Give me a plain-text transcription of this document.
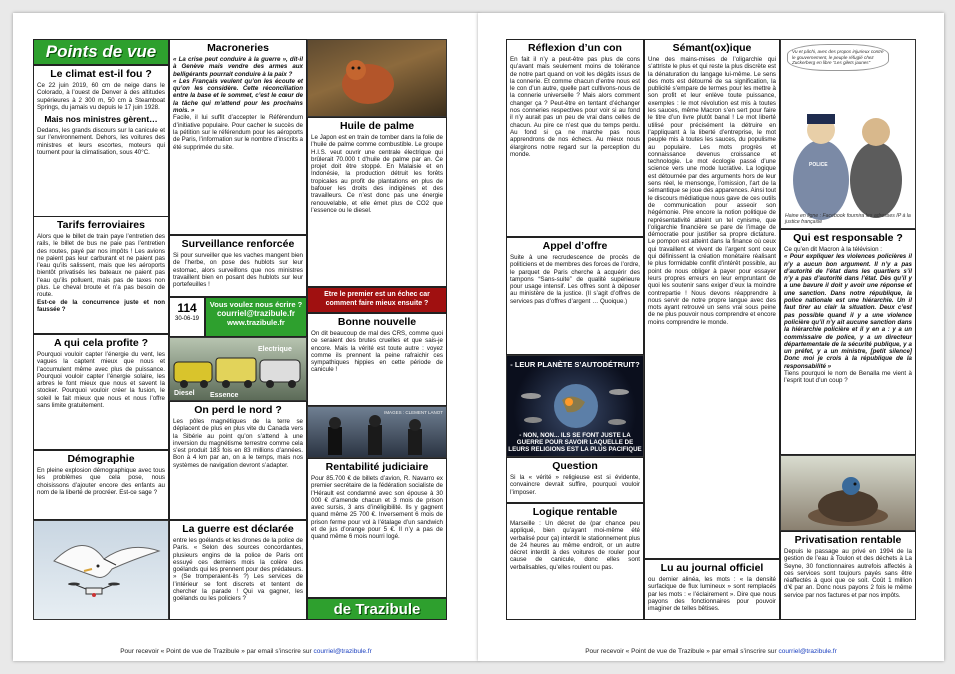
Points de vue
Le climat est-il fou ?

Ce 22 juin 2019, 60 cm de neige dans le Colorado, à l’ouest de Denver à des altitudes supérieures à 2 300 m, 50 cm à Steamboat Springs, du jamais vu depuis le 17 juin 1928.

Mais nos ministres gèrent…

Dedans, les grands discours sur la canicule et sur l’environnement. Dehors, les voitures des ministres et leurs escortes, moteurs qui tournent pour la climatisation, sous 40°C.

Tarifs ferroviaires

Alors que le billet de train paye l’entretien des rails, le billet de bus ne paie pas l’entretien des routes, payé par nos impôts ! Les avions ne paient pas leur carburant et ne paient pas l’eau qu’ils salissent, mais que les aéroports bientôt privatisés les bateaux ne paient pas l’eau qu’ils polluent, mais pas de taxes non plus. Le cheval broute et n’a pas besoin de route.

Est-ce de la concurrence juste et non faussée ?

A qui cela profite ?

Pourquoi vouloir capter l’énergie du vent, les vagues la captent mieux que nous et l’accumulent même avec plus de puissance. Pourquoi vouloir capter l’énergie solaire, les arbres le font mieux que nous et savent la stocker. Pourquoi vouloir créer la fusion, le soleil le fait mieux que nous et nous l’offre sans limite gratuitement.

Démographie

En pleine explosion démographique avec tous les problèmes que cela pose, nous choisissons d’ajouter encore des enfants au nom de la liberté de procréer. Est-ce sage ?

Macroneries

« La crise peut conduire à la guerre », dit-il à Genève mais vendre des armes aux belligérants pourrait conduire à la paix ?

« Les Français veulent qu’on les écoute et qu’on les considère. Cette réconciliation entre la base et le sommet, c’est le cœur de la tâche qui m’attend pour les prochains mois. »

Facile, il lui suffit d’accepter le Référendum d’initiative populaire. Pour cacher le succès de la pétition sur le référendum pour les aéroports de Paris, l’information sur le nombre d’inscrits a été supprimée du site.

Surveillance renforcée

Si pour surveiller que les vaches mangent bien de l’herbe, on pose des hublots sur leur estomac, alors surveillons que nos ministres travaillent bien en posant des hublots sur leur portefeuilles !

114
30-06-19
Vous voulez nous écrire ?
courriel@trazibule.fr
www.trazibule.fr
Electrique
Diesel Essence
On perd le nord ?

Les pôles magnétiques de la terre se déplacent de plus en plus vite du Canada vers la Sibérie au point qu’on s’attend à une inversion du magnétisme terrestre comme cela s’est produit 183 fois en 83 millions d’années. Bon à 4 km par an, on a le temps, mais nos systèmes de navigation devront s’adapter.

La guerre est déclarée

entre les goélands et les drones de la police de Paris. « Selon des sources concordantes, plusieurs engins de la police de Paris ont essuyé ces derniers mois la colère des goélands qui les prennent pour des prédateurs. » (Se tromperaient-ils ?) Les services de l’intérieur se font discrets et tentent de chercher la parade ! Qui va gagner, les goélands ou les policiers ?

Huile de palme

Le Japon est en train de tomber dans la folie de l’huile de palme comme combustible. Le groupe H.I.S. veut ouvrir une centrale électrique qui brûlerait 70.000 t d’huile de palme par an. Ce projet doit être stoppé. En Malaisie et en Indonésie, la production détruit les forêts tropicales au profit de plantations en plus de bafouer les droits des indigènes et des travailleurs. Ce n’est donc pas une énergie renouvelable, et elle émet plus de CO2 que l’essence ou le diesel.

Etre le premier est un échec car comment faire mieux ensuite ?
Bonne nouvelle

On dit beaucoup de mal des CRS, comme quoi ce seraient des brutes cruelles et que sais-je encore. Mais la vérité est toute autre : voyez comme ils prennent la peine rafraichir ces sympathiques hippies en cette période de canicule !

IMAGES : CLEMENT LANOT
Rentabilité judiciaire

Pour 85.700 € de billets d’avion, R. Navarro ex premier secrétaire de la fédération socialiste de l’Hérault est condamné avec son épouse à 30 000 € d’amende chacun et 3 mois de prison avec sursis, 3 ans d’inéligibilité. Ils y gagnent quand même 25 700 €. Inversement 6 mois de prison ferme pour vol à l’étalage d’un sandwich et de jus d’orange pour 5 €. Il n’y a pas de quand même 6 mois nourri logé.

de Trazibule
Pour recevoir « Point de vue de Trazibule » par email s’inscrire sur courriel@trazibule.fr
Réflexion d’un con

En fait il n’y a peut-être pas plus de cons qu’avant mais seulement moins de tolérance de notre part quand on voit les dégâts issus de la connerie. Et comme chacun d’entre nous est le con d’un autre, quelle part cultivons-nous de la connerie universelle ? Mais alors comment changer ça ? Peut-être en tentant d’échanger nos conneries respectives pour voir si au fond il n’y aurait pas un peu de vrai dans celles de chacun. Au pire ce n’est que du temps perdu. Au fond si ça ne marche pas nous apprendrons de nos échecs. Au mieux nous élargirons notre regard sur la perception du monde.

Appel d’offre

Suite à une recrudescence de procès de politiciens et de membres des forces de l’ordre, le parquet de Paris cherche à acquérir des tampons “Sans-suite” de qualité supérieure pour usage intensif. Les offres sont à déposer au ministère de la justice. (Il s’agit d’offres de services pas d’offres d’argent … Quoique.)

- LEUR PLANÈTE S’AUTODÉTRUIT?
- NON, NON... ILS SE FONT JUSTE LA GUERRE POUR SAVOIR LAQUELLE DE LEURS RELIGIONS EST LA PLUS PACIFIQUE
Question

Si la « vérité » religieuse est si évidente, convaincre devrait suffire, pourquoi vouloir l’imposer.

Logique rentable

Marseille : Un décret de (par chance peu appliqué, bien qu’ayant moi-même été verbalisé pour ça) interdit le stationnement plus de 24 heures au même endroit, or un autre décret interdit à des voitures de rouler pour cause de canicule, donc elles sont verbalisables, qu’elles roulent ou pas.

Sémant(ox)ique

Une des mains-mises de l’oligarchie qui s’attriste le plus et qui reste la plus discrète est la dénaturation du langage lui-même. Le sens des mots est détourné de sa signification, la publicité s’empare de termes pour les mettre à son profit et leur enlève toute puissance, exemples : le mot révolution est mis à toutes les sauces, même Macron s’en sert pour faire le titre d’un livre plutôt banal ! Le mot liberté utilisé pour précisément la détruire en l’appliquant à la liberté d’entreprise, le mot peuple mis à toutes les sauces, du populisme au populaire. Les mots progrès et connaissance devenus croissance et technologie. Le mot écologie passé d’une science vers une mode lucrative. La logique est détournée par des arguments hors de leur sens réel, le mensonge, l’omission, l’art de la sémantique se joue des apparences. Ainsi tout le discours médiatique nous gave de ces outils de communication pour asseoir son hégémonie. Pire encore la notion politique de représentativité atteint un tel cynisme, que l’oligarchie financière se pare de l’image de démocratie pour justifier sa propre dictature. Le pompon est atteint dans la finance où ceux qui travaillent et vivent de l’argent sont ceux qui définissent la création monétaire réalisant le plus formidable conflit d’intérêt possible, au point de nous obliger à payer pour essayer leurs propres erreurs en leur empruntant de quoi les soutenir sans exiger d’eux la moindre contrepartie ! Nous devons réapprendre à nous servir de notre propre langue avec des mots ayant retrouvé un sens vrai sous peine de ne plus pouvoir nous comprendre et encore moins comprendre le monde.

Lu au journal officiel

ou dernier alinéa, les mots : « la densité surfacique de flux lumineux » sont remplacés par les mots : « l’éclairement ». Dire que nous payons des fonctionnaires pour pouvoir imaginer de telles bêtises.

Vu et pâchi, avec des propos injurieux contre le gouvernement, le peuple réfugié chez Zuckerberg en libre “Les gilets jaunes”
POLICE
Haine en ligne : Facebook fournira les adresses IP à la justice française
Qui est responsable ?

Ce qu’en dit Macron à la télévision :

« Pour expliquer les violences policières il n’y a aucun bon argument. Il n’y a pas d’autorité de l’état dans les quartiers s’il n’y a pas d’autorité dans l’état. Dès qu’il y a une bavure il doit y avoir une réponse et une sanction. Dans notre république, la police nationale est une hiérarchie. Un il faut tirer au clair la situation. Deux c’est pas possible quand il y a une violence policière qu’il n’y ait aucune sanction dans la hiérarchie policière et il y en a : y a un commissaire de police, y a un directeur départementale de la sécurité publique, y a un préfet, y a un ministre, [petit silence] Donc moi je crois à la république de la responsabilité »

Tiens pourquoi le nom de Benalla me vient à l’esprit tout d’un coup ?

Privatisation rentable

Depuis le passage au privé en 1994 de la gestion de l’eau à Toulon et des déchets à La Seyne, 30 fonctionnaires autrefois affectés à ces services sont toujours payés sans être réaffectés à quoi que ce soit. Coût 1 million d’€ par an. Donc nous payons 2 fois le même service par nos factures et par nos impôts.

Pour recevoir « Point de vue de Trazibule » par email s’inscrire sur courriel@trazibule.fr
